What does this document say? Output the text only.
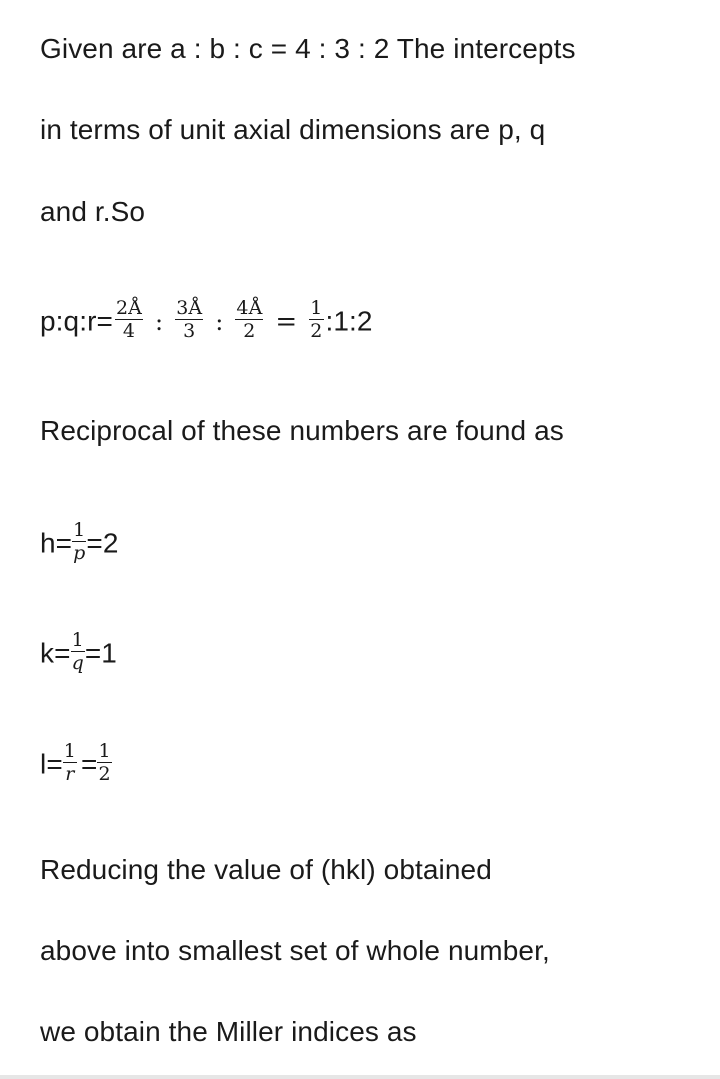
Given are a : b : c = 4 : 3 : 2 The intercepts
in terms of unit axial dimensions are p, q
and r.So
p:q:r= $\frac{2Å}{4}$ : $\frac{3Å}{3}$ : $\frac{4Å}{2} = \frac{1}{2}$ :1:2
Reciprocal of these numbers are found as
$h= \frac{1}{p} =2$
$k= \frac{1}{q} =1$
$l= \frac{1}{r} = \frac{1}{2}$
Reducing the value of (hkl) obtained
above into smallest set of whole number,
we obtain the Miller indices as
